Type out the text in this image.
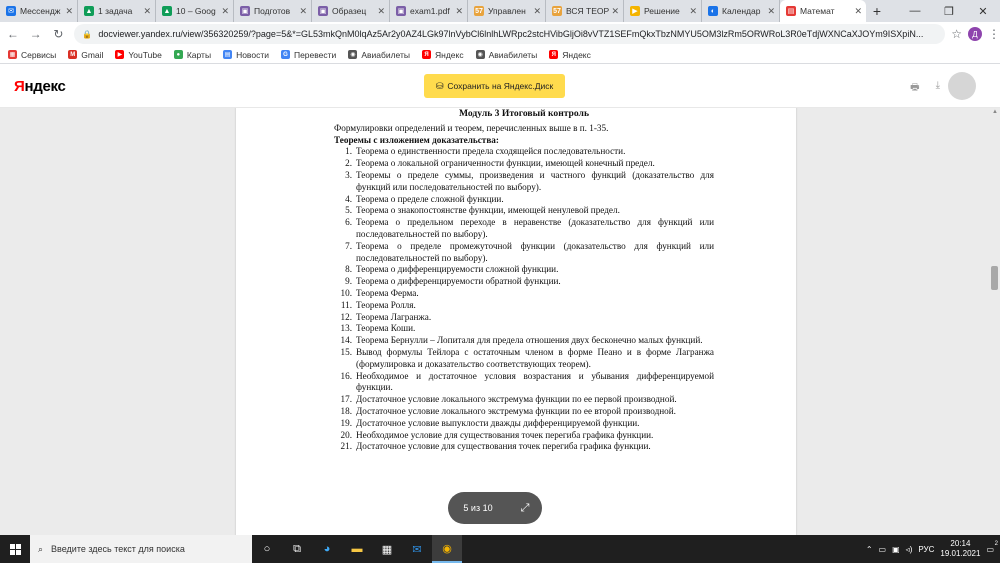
✉ Мессендж ✕ ▲ 1 задача	✕ ▲ 10 – Goog ✕ ▣ Подготов	✕ ▣ Образец	✕ ▣ exam1.pdf ✕ 57 Управлен ✕ 57 ВСЯ ТЕОР ✕	▶ Решение	✕	◐ Календар ✕ ▤ Математ	✕ +	—	❐	✕
← → ↻	🔒 docviewer.yandex.ru/view/356320259/?page=5&*=GL53mkQnM0lqAz5Ar2y0AZ4LGk97lnVybCl6lnlhLWRpc2stcHVibGljOi8vVTZ1SEFmQkxTbzNMYU5OM3lzRm5ORWRoL3R0eTdjWXNCaXJOYm9ISXpiN... ☆	Д ⋮
▦ Сервисы	M Gmail	▶ YouTube	● Карты ▤ Новости	G Перевести	◉ Авиабилеты	Я Яндекс	◉ Авиабилеты	Я Яндекс
Яндекс	⛁ Сохранить на Яндекс.Диск	🖶 ⤓
Модуль 3 Итоговый контроль
Формулировки определений и теорем, перечисленных выше в п. 1-35.
Теоремы с изложением доказательства:
1. Теорема о единственности предела сходящейся последовательности.
2. Теорема о локальной ограниченности функции, имеющей конечный предел.
3. Теоремы о пределе суммы, произведения и частного функций (доказательство для функций или последовательностей по выбору).
4. Теорема о пределе сложной функции.
5. Теорема о знакопостоянстве функции, имеющей ненулевой предел.
6. Теорема о предельном переходе в неравенстве (доказательство для функций или последовательностей по выбору).
7. Теорема о пределе промежуточной функции (доказательство для функций или последовательностей по выбору).
8. Теорема о дифференцируемости сложной функции.
9. Теорема о дифференцируемости обратной функции.
10. Теорема Ферма.
11. Теорема Ролля.
12. Теорема Лагранжа.
13. Теорема Коши.
14. Теорема Бернулли – Лопиталя для предела отношения двух бесконечно малых функций.
15. Вывод формулы Тейлора с остаточным членом в форме Пеано и в форме Лагранжа (формулировка и доказательство соответствующих теорем).
16. Необходимое и достаточное условия возрастания и убывания дифференцируемой функции.
17. Достаточное условие локального экстремума функции по ее первой производной.
18. Достаточное условие локального экстремума функции по ее второй производной.
19. Достаточное условие выпуклости дважды дифференцируемой функции.
20. Необходимое условие для существования точек перегиба графика функции.
21. Достаточное условие для существования точек перегиба графика функции.
5 из 10	⤢
▲
⌕ Введите здесь текст для поиска	○	⧉	◕	▬	▦	✉	◉	⌃ ▭ ▣ ◃) РУС
20:14
19.01.2021 ▭
2
